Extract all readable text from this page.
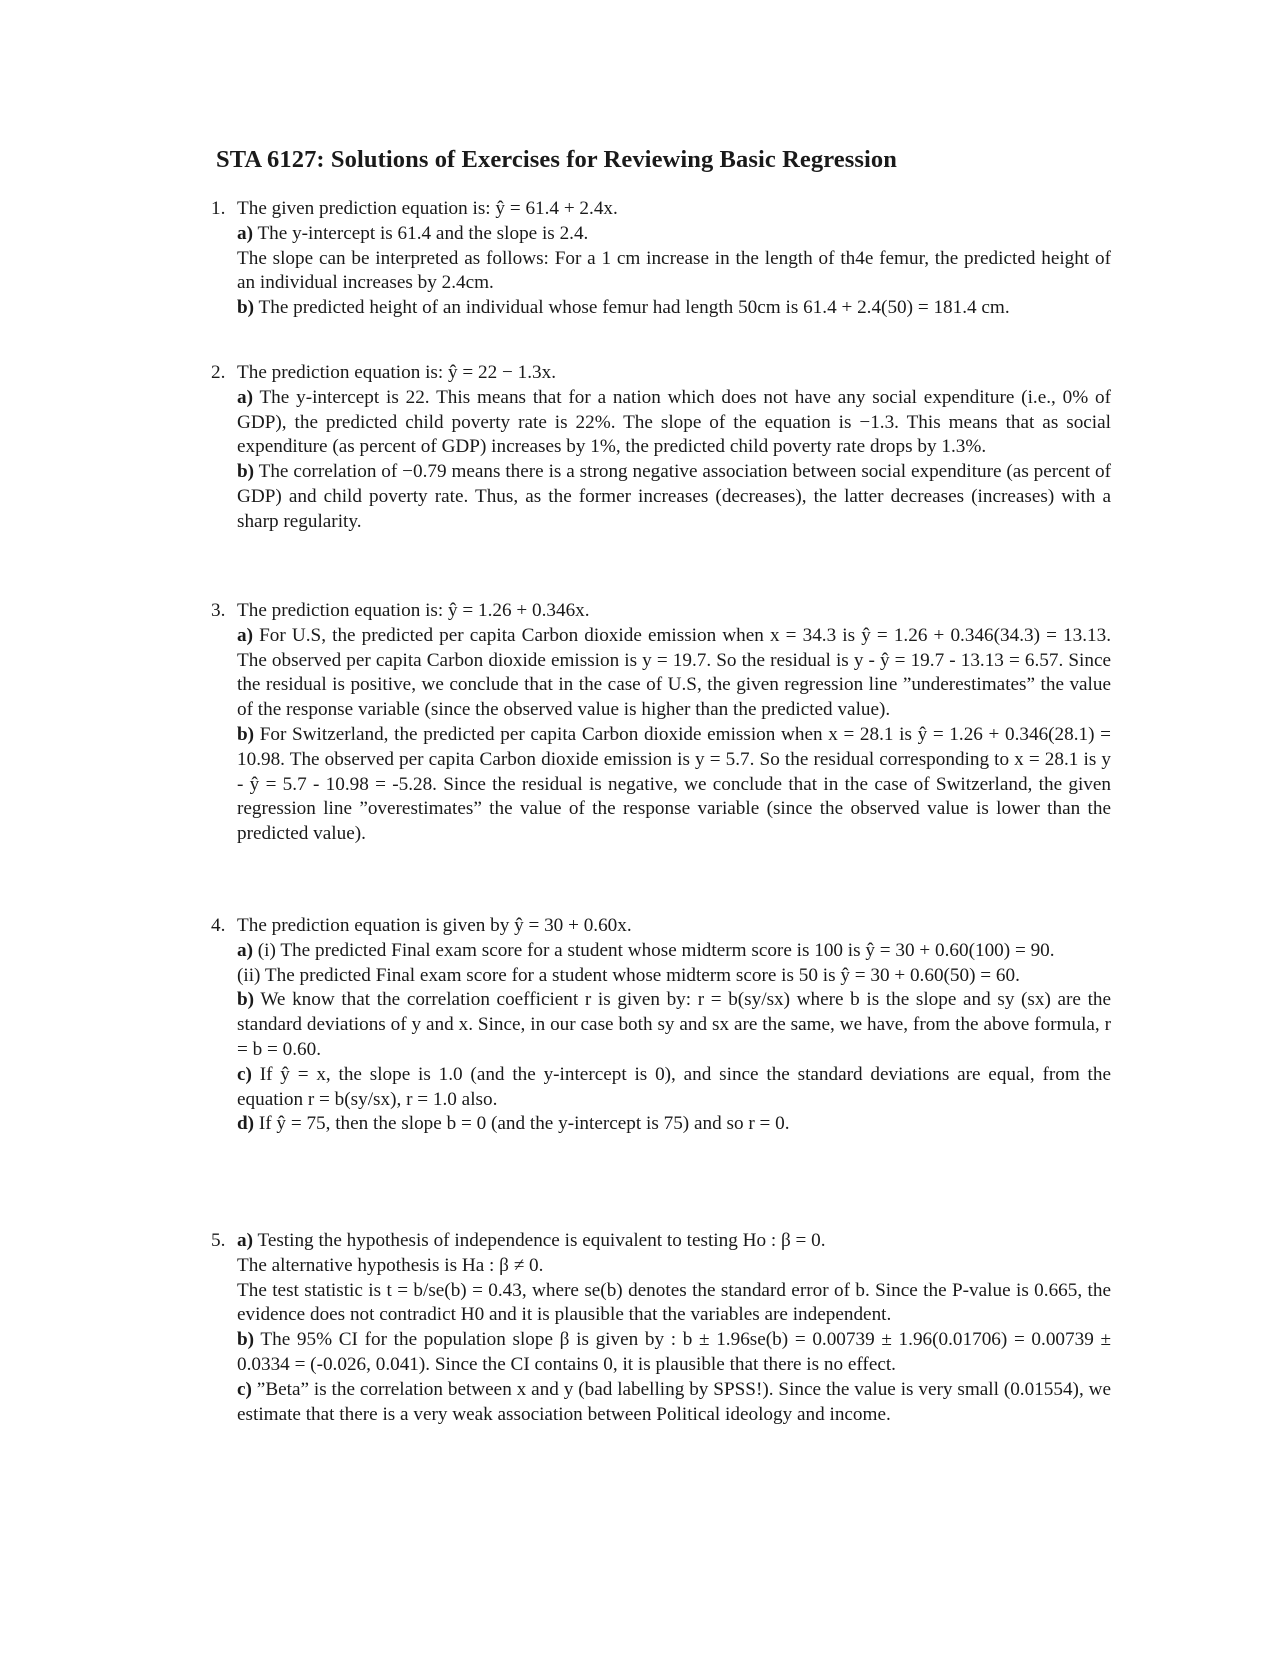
STA 6127: Solutions of Exercises for Reviewing Basic Regression
1. The given prediction equation is: ŷ = 61.4 + 2.4x.
a) The y-intercept is 61.4 and the slope is 2.4.
The slope can be interpreted as follows: For a 1 cm increase in the length of th4e femur, the predicted height of an individual increases by 2.4cm.
b) The predicted height of an individual whose femur had length 50cm is 61.4 + 2.4(50) = 181.4 cm.
2. The prediction equation is: ŷ = 22 − 1.3x.
a) The y-intercept is 22. This means that for a nation which does not have any social expenditure (i.e., 0% of GDP), the predicted child poverty rate is 22%. The slope of the equation is −1.3. This means that as social expenditure (as percent of GDP) increases by 1%, the predicted child poverty rate drops by 1.3%.
b) The correlation of −0.79 means there is a strong negative association between social expenditure (as percent of GDP) and child poverty rate. Thus, as the former increases (decreases), the latter decreases (increases) with a sharp regularity.
3. The prediction equation is: ŷ = 1.26 + 0.346x.
a) For U.S, the predicted per capita Carbon dioxide emission when x = 34.3 is ŷ = 1.26 + 0.346(34.3) = 13.13. The observed per capita Carbon dioxide emission is y = 19.7. So the residual is y - ŷ = 19.7 - 13.13 = 6.57. Since the residual is positive, we conclude that in the case of U.S, the given regression line ”underestimates” the value of the response variable (since the observed value is higher than the predicted value).
b) For Switzerland, the predicted per capita Carbon dioxide emission when x = 28.1 is ŷ = 1.26 + 0.346(28.1) = 10.98. The observed per capita Carbon dioxide emission is y = 5.7. So the residual corresponding to x = 28.1 is y - ŷ = 5.7 - 10.98 = -5.28. Since the residual is negative, we conclude that in the case of Switzerland, the given regression line ”overestimates” the value of the response variable (since the observed value is lower than the predicted value).
4. The prediction equation is given by ŷ = 30 + 0.60x.
a) (i) The predicted Final exam score for a student whose midterm score is 100 is ŷ = 30 + 0.60(100) = 90.
(ii) The predicted Final exam score for a student whose midterm score is 50 is ŷ = 30 + 0.60(50) = 60.
b) We know that the correlation coefficient r is given by: r = b(sy/sx) where b is the slope and sy (sx) are the standard deviations of y and x. Since, in our case both sy and sx are the same, we have, from the above formula, r = b = 0.60.
c) If ŷ = x, the slope is 1.0 (and the y-intercept is 0), and since the standard deviations are equal, from the equation r = b(sy/sx), r = 1.0 also.
d) If ŷ = 75, then the slope b = 0 (and the y-intercept is 75) and so r = 0.
5. a) Testing the hypothesis of independence is equivalent to testing Ho : β = 0.
The alternative hypothesis is Ha : β ≠ 0.
The test statistic is t = b/se(b) = 0.43, where se(b) denotes the standard error of b. Since the P-value is 0.665, the evidence does not contradict H0 and it is plausible that the variables are independent.
b) The 95% CI for the population slope β is given by : b ± 1.96se(b) = 0.00739 ± 1.96(0.01706) = 0.00739 ± 0.0334 = (-0.026, 0.041). Since the CI contains 0, it is plausible that there is no effect.
c) ”Beta” is the correlation between x and y (bad labelling by SPSS!). Since the value is very small (0.01554), we estimate that there is a very weak association between Political ideology and income.
